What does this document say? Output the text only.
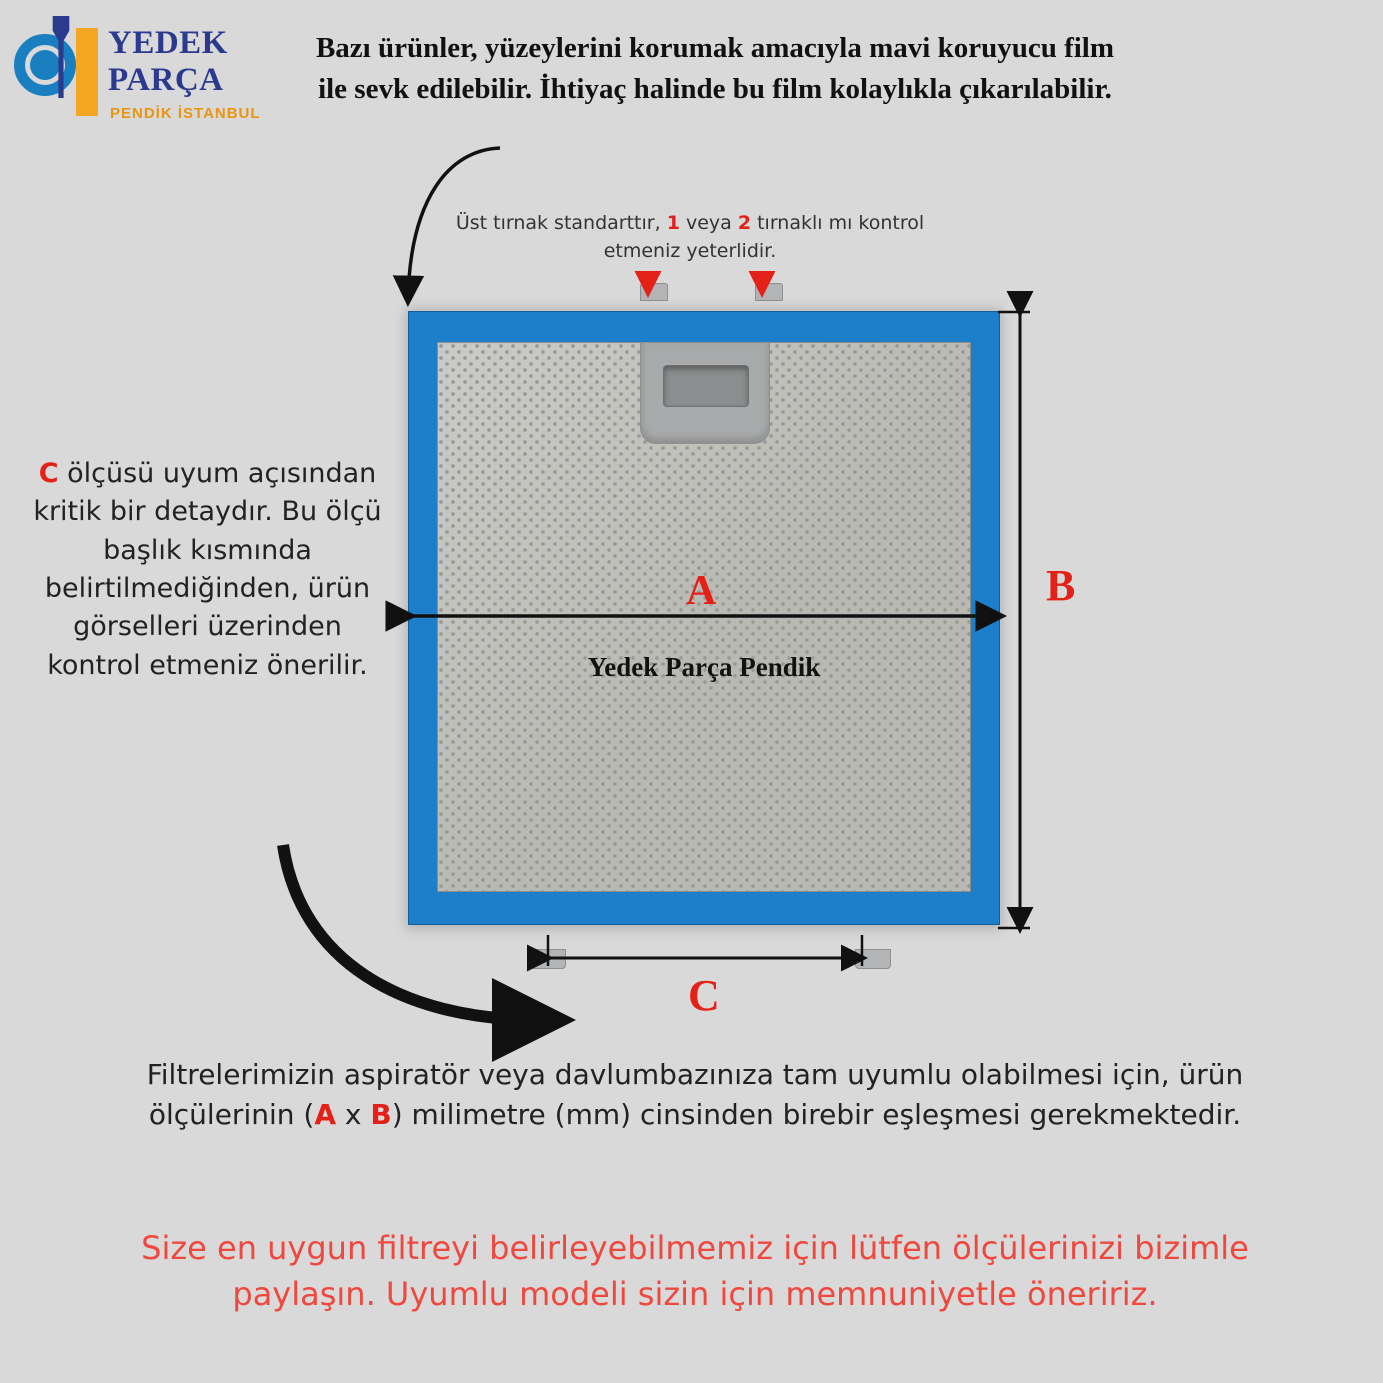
YEDEK
PARÇA
PENDİK İSTANBUL
Bazı ürünler, yüzeylerini korumak amacıyla mavi koruyucu film ile sevk edilebilir. İhtiyaç halinde bu film kolaylıkla çıkarılabilir.
Üst tırnak standarttır, 1 veya 2 tırnaklı mı kontrol etmeniz yeterlidir.
C ölçüsü uyum açısından kritik bir detaydır. Bu ölçü başlık kısmında belirtilmediğinden, ürün görselleri üzerinden kontrol etmeniz önerilir.
A
Yedek Parça Pendik
B
C
Filtrelerimizin aspiratör veya davlumbazınıza tam uyumlu olabilmesi için, ürün ölçülerinin (A x B) milimetre (mm) cinsinden birebir eşleşmesi gerekmektedir.
Size en uygun filtreyi belirleyebilmemiz için lütfen ölçülerinizi bizimle paylaşın. Uyumlu modeli sizin için memnuniyetle öneririz.
